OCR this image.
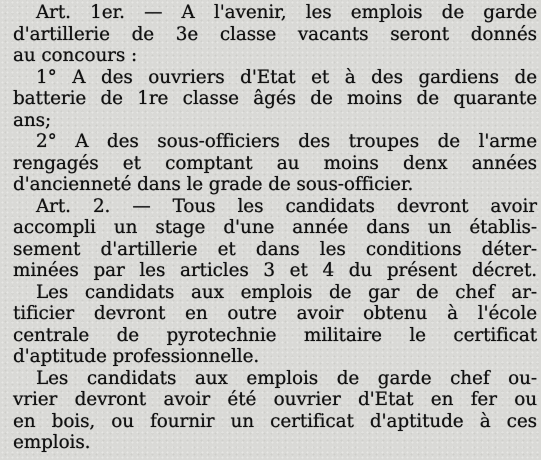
Art. 1er. — A l'avenir, les emplois de garde
d'artillerie de 3e classe vacants seront donnés
au concours :
1° A des ouvriers d'Etat et à des gardiens de
batterie de 1re classe âgés de moins de quarante
ans;
2° A des sous-officiers des troupes de l'arme
rengagés et comptant au moins denx années
d'ancienneté dans le grade de sous-officier.
Art. 2. — Tous les candidats devront avoir
accompli un stage d'une année dans un établis-
sement d'artillerie et dans les conditions déter-
minées par les articles 3 et 4 du présent décret.
Les candidats aux emplois de gar de chef ar-
tificier devront en outre avoir obtenu à l'école
centrale de pyrotechnie militaire le certificat
d'aptitude professionnelle.
Les candidats aux emplois de garde chef ou-
vrier devront avoir été ouvrier d'Etat en fer ou
en bois, ou fournir un certificat d'aptitude à ces
emplois.
